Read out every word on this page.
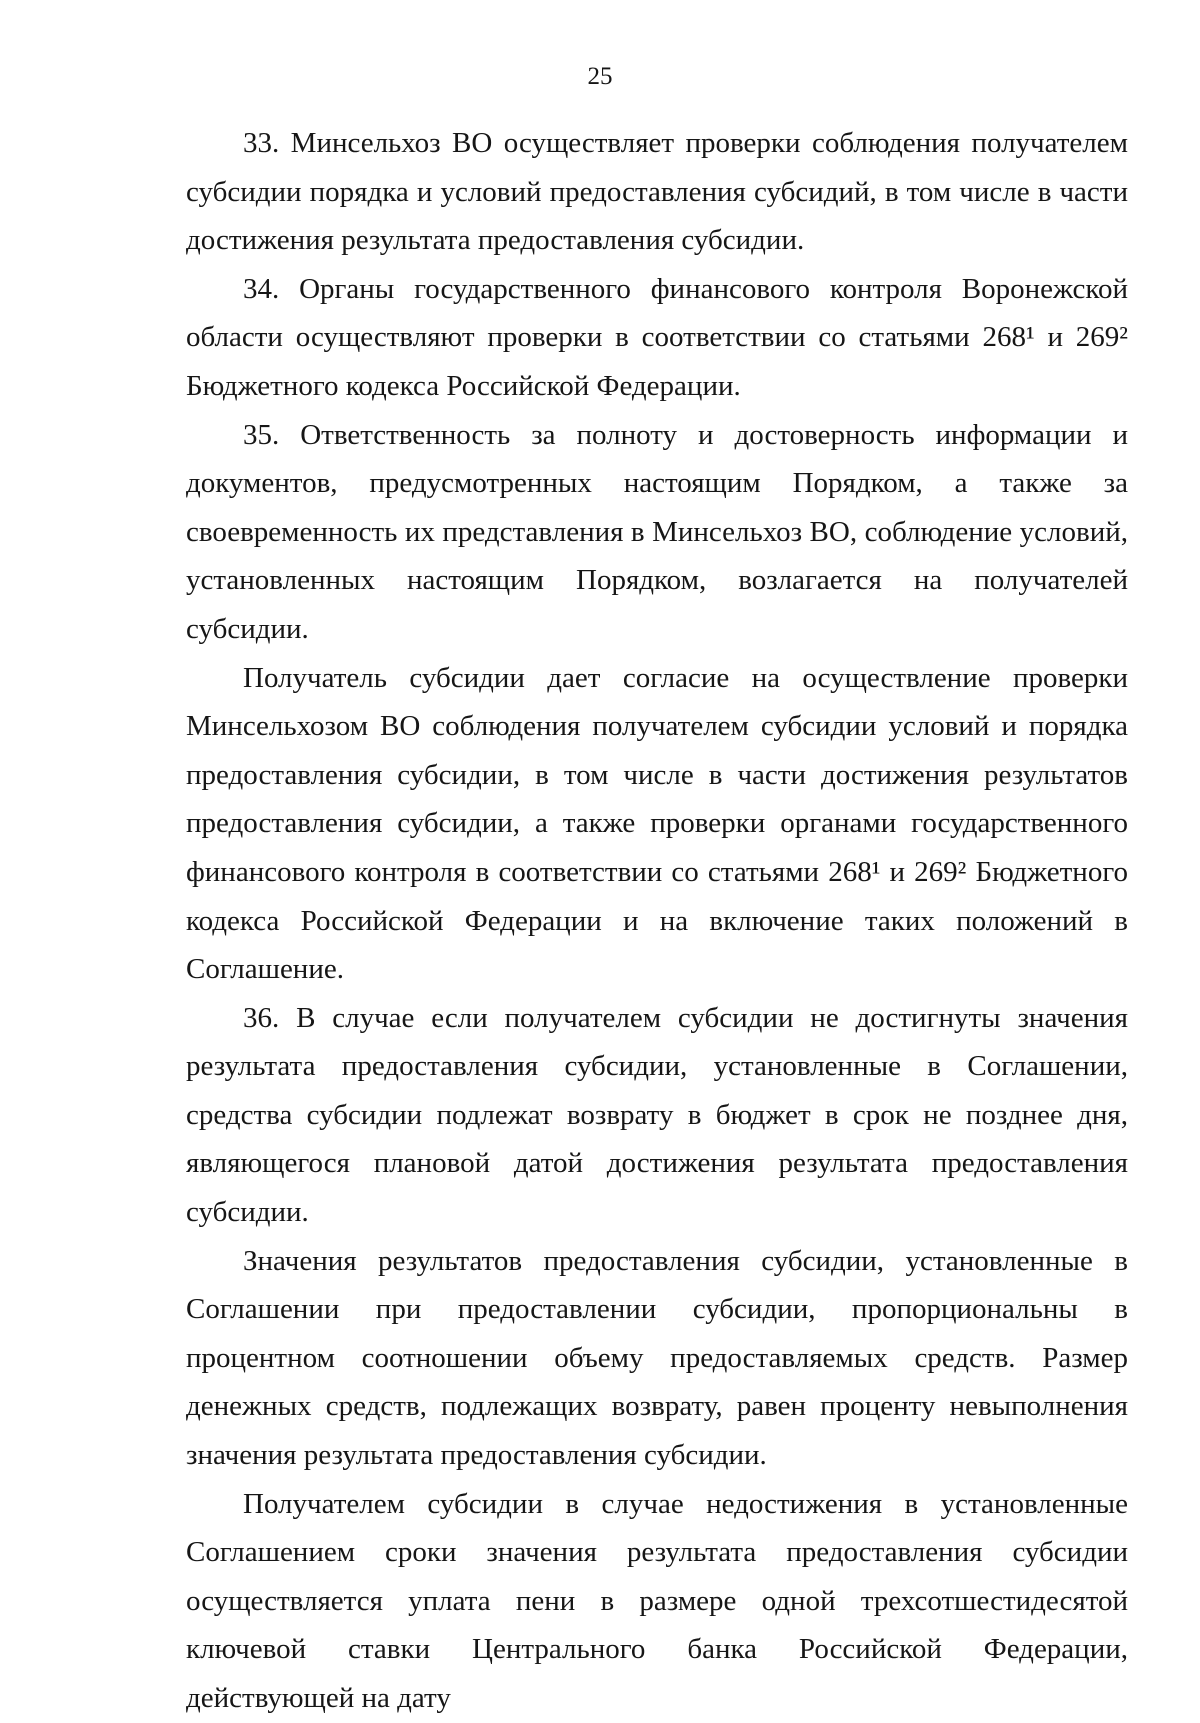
25

33. Минсельхоз ВО осуществляет проверки соблюдения получателем субсидии порядка и условий предоставления субсидий, в том числе в части достижения результата предоставления субсидии.

34. Органы государственного финансового контроля Воронежской области осуществляют проверки в соответствии со статьями 268¹ и 269² Бюджетного кодекса Российской Федерации.

35. Ответственность за полноту и достоверность информации и документов, предусмотренных настоящим Порядком, а также за своевременность их представления в Минсельхоз ВО, соблюдение условий, установленных настоящим Порядком, возлагается на получателей субсидии.

Получатель субсидии дает согласие на осуществление проверки Минсельхозом ВО соблюдения получателем субсидии условий и порядка предоставления субсидии, в том числе в части достижения результатов предоставления субсидии, а также проверки органами государственного финансового контроля в соответствии со статьями 268¹ и 269² Бюджетного кодекса Российской Федерации и на включение таких положений в Соглашение.

36. В случае если получателем субсидии не достигнуты значения результата предоставления субсидии, установленные в Соглашении, средства субсидии подлежат возврату в бюджет в срок не позднее дня, являющегося плановой датой достижения результата предоставления субсидии.

Значения результатов предоставления субсидии, установленные в Соглашении при предоставлении субсидии, пропорциональны в процентном соотношении объему предоставляемых средств. Размер денежных средств, подлежащих возврату, равен проценту невыполнения значения результата предоставления субсидии.

Получателем субсидии в случае недостижения в установленные Соглашением сроки значения результата предоставления субсидии осуществляется уплата пени в размере одной трехсотшестидесятой ключевой ставки Центрального банка Российской Федерации, действующей на дату
